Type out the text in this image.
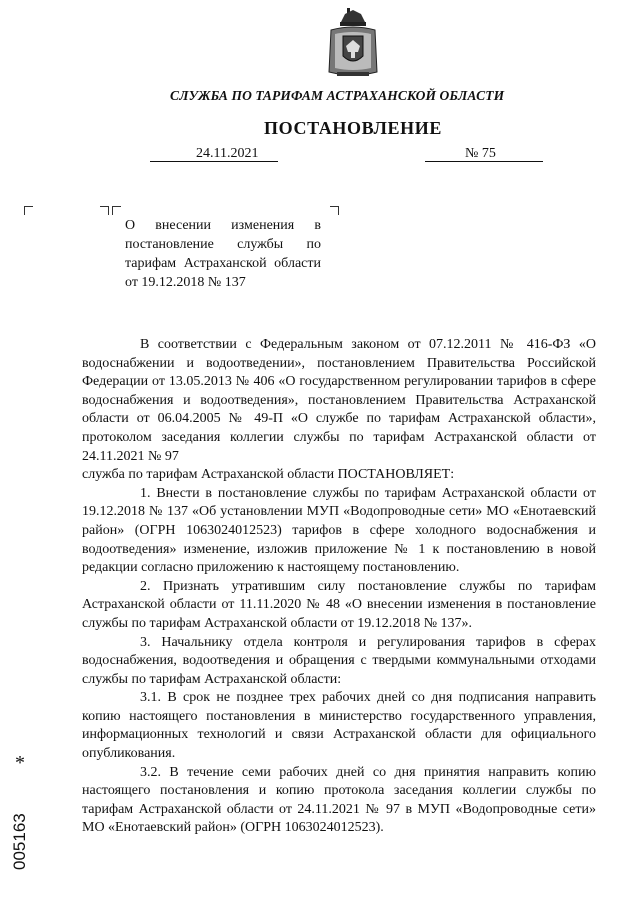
СЛУЖБА ПО ТАРИФАМ АСТРАХАНСКОЙ ОБЛАСТИ
ПОСТАНОВЛЕНИЕ
24.11.2021	№ 75
О внесении изменения в постановление службы по тарифам Астраханской области от 19.12.2018 № 137

В соответствии с Федеральным законом от 07.12.2011 № 416-ФЗ «О водоснабжении и водоотведении», постановлением Правительства Российской Федерации от 13.05.2013 № 406 «О государственном регулировании тарифов в сфере водоснабжения и водоотведения», постановлением Правительства Астраханской области от 06.04.2005 № 49-П «О службе по тарифам Астраханской области», протоколом заседания коллегии службы по тарифам Астраханской области от 24.11.2021 № 97

служба по тарифам Астраханской области ПОСТАНОВЛЯЕТ:

1. Внести в постановление службы по тарифам Астраханской области от 19.12.2018 № 137 «Об установлении МУП «Водопроводные сети» МО «Енотаевский район» (ОГРН 1063024012523) тарифов в сфере холодного водоснабжения и водоотведения» изменение, изложив приложение № 1 к постановлению в новой редакции согласно приложению к настоящему постановлению.

2. Признать утратившим силу постановление службы по тарифам Астраханской области от 11.11.2020 № 48 «О внесении изменения в постановление службы по тарифам Астраханской области от 19.12.2018 № 137».

3. Начальнику отдела контроля и регулирования тарифов в сферах водоснабжения, водоотведения и обращения с твердыми коммунальными отходами службы по тарифам Астраханской области:

3.1. В срок не позднее трех рабочих дней со дня подписания направить копию настоящего постановления в министерство государственного управления, информационных технологий и связи Астраханской области для официального опубликования.

3.2. В течение семи рабочих дней со дня принятия направить копию настоящего постановления и копию протокола заседания коллегии службы по тарифам Астраханской области от 24.11.2021 № 97 в МУП «Водопроводные сети» МО «Енотаевский район» (ОГРН 1063024012523).

*
005163
